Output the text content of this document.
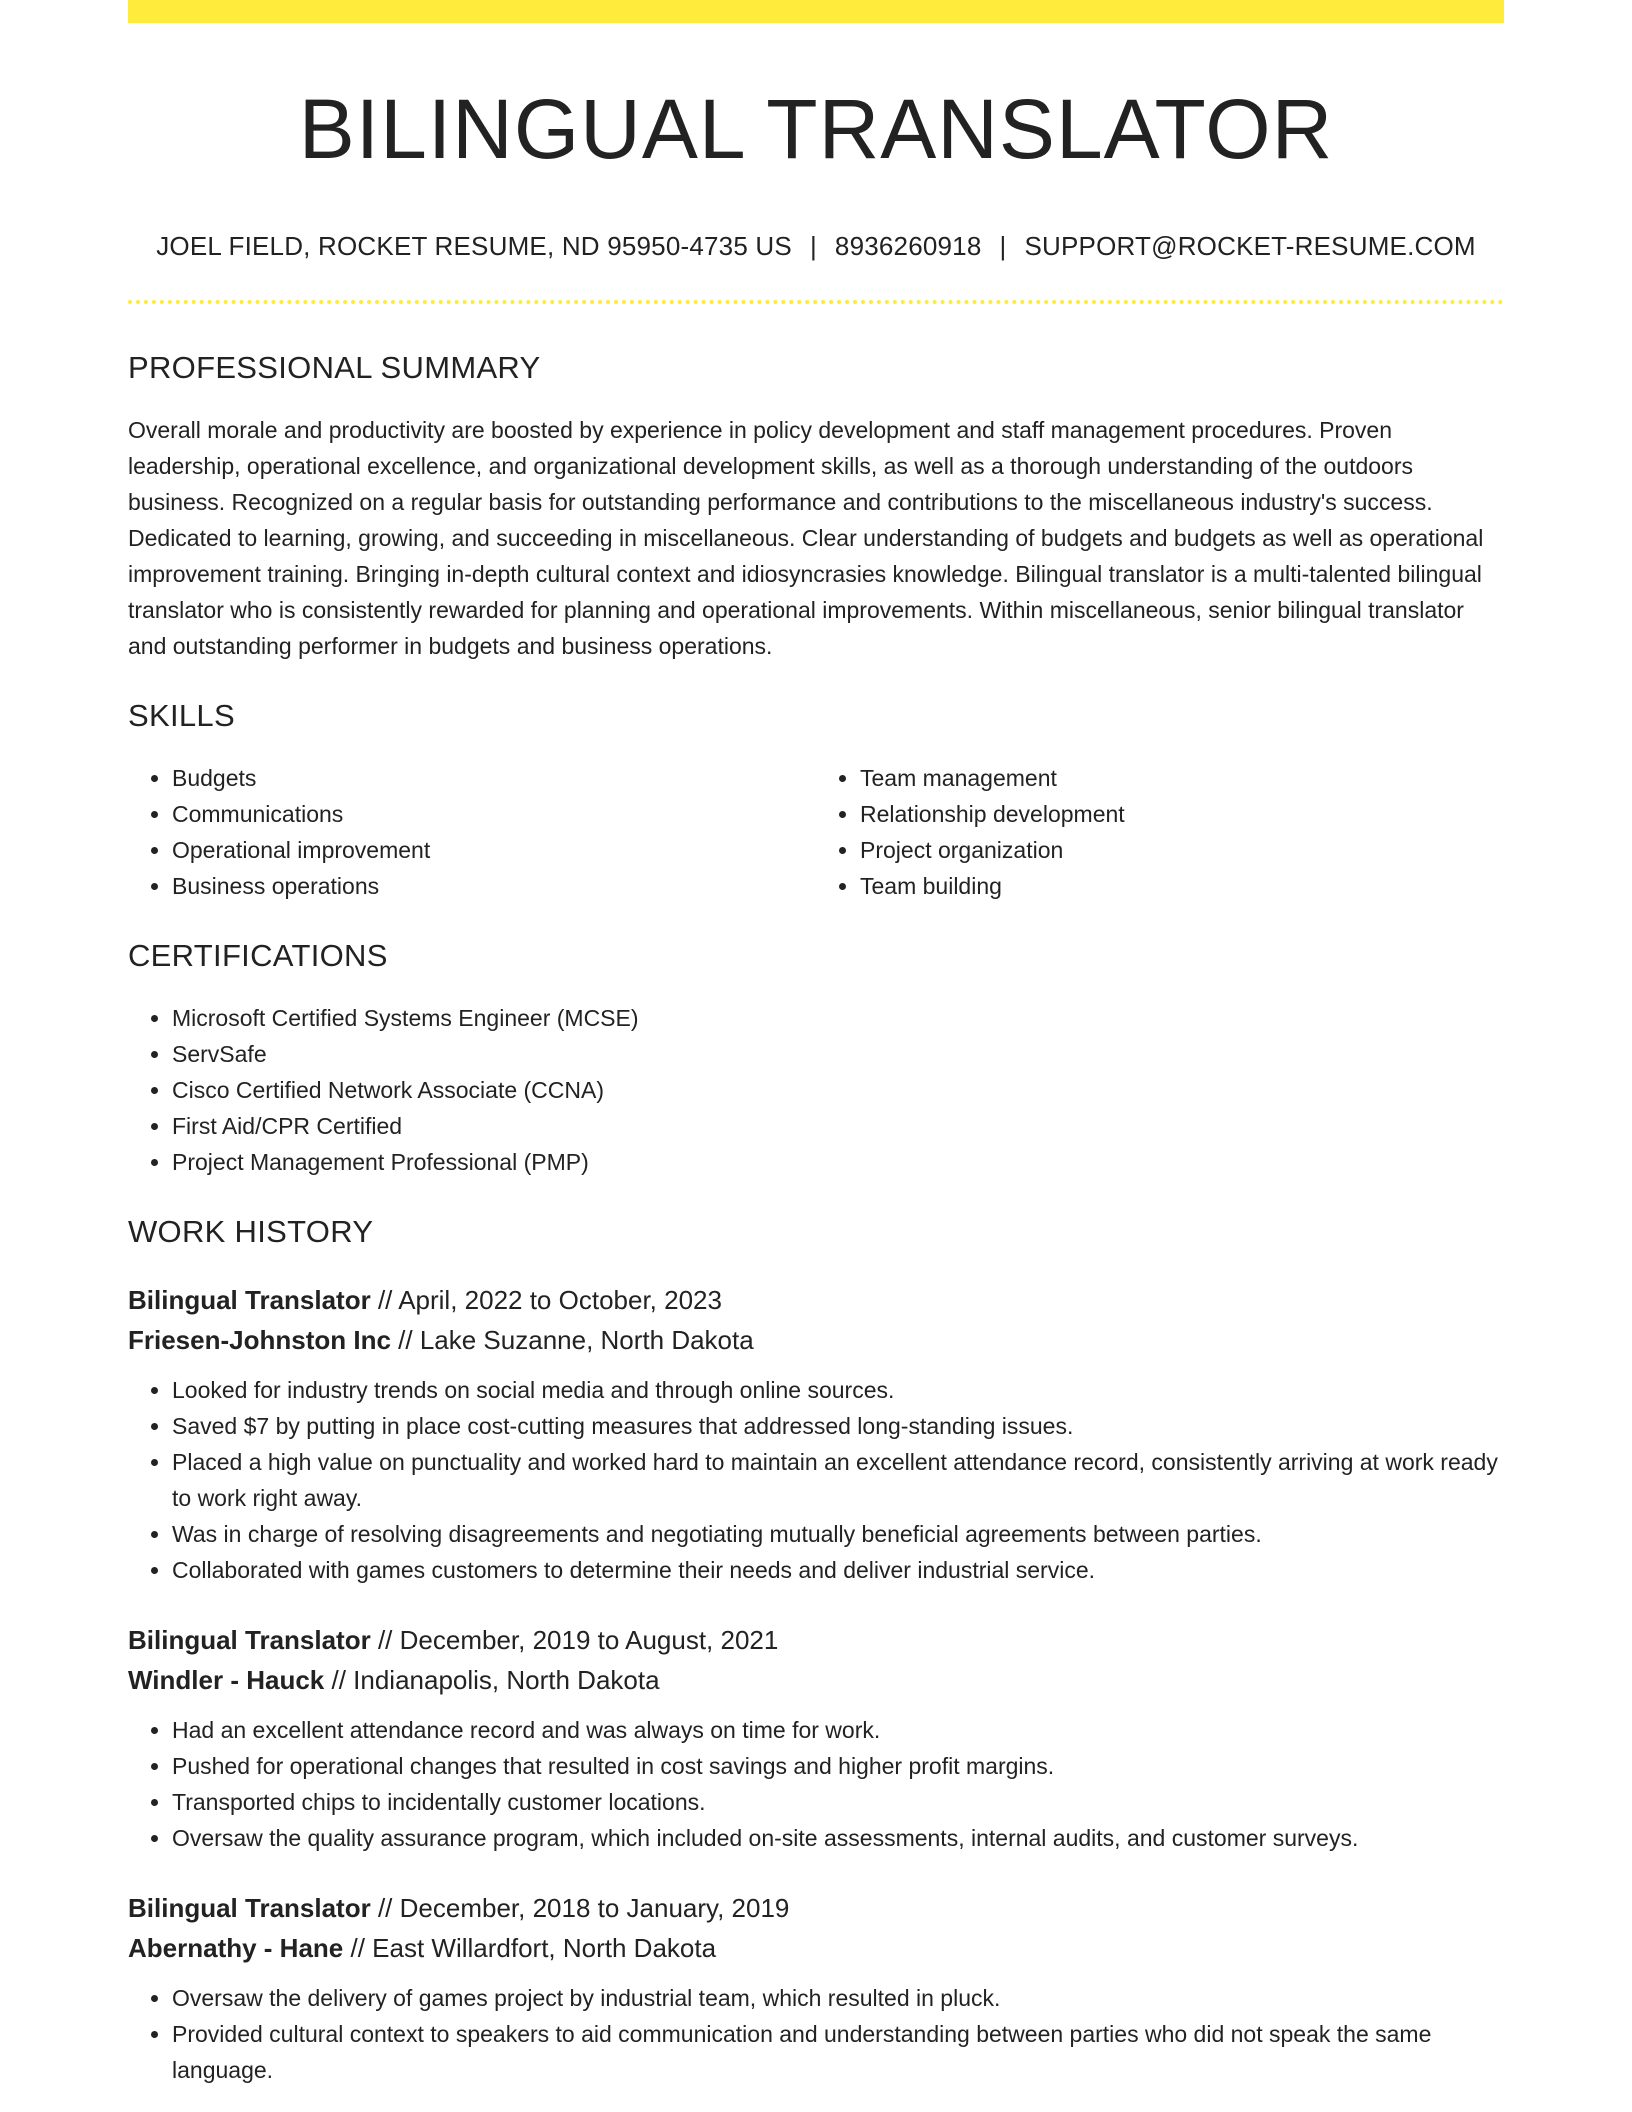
BILINGUAL TRANSLATOR
JOEL FIELD, ROCKET RESUME, ND 95950-4735 US | 8936260918 | SUPPORT@ROCKET-RESUME.COM
PROFESSIONAL SUMMARY

Overall morale and productivity are boosted by experience in policy development and staff management procedures. Proven leadership, operational excellence, and organizational development skills, as well as a thorough understanding of the outdoors business. Recognized on a regular basis for outstanding performance and contributions to the miscellaneous industry's success. Dedicated to learning, growing, and succeeding in miscellaneous. Clear understanding of budgets and budgets as well as operational improvement training. Bringing in-depth cultural context and idiosyncrasies knowledge. Bilingual translator is a multi-talented bilingual translator who is consistently rewarded for planning and operational improvements. Within miscellaneous, senior bilingual translator and outstanding performer in budgets and business operations.

SKILLS
• Budgets
• Communications
• Operational improvement
• Business operations
• Team management
• Relationship development
• Project organization
• Team building
CERTIFICATIONS
• Microsoft Certified Systems Engineer (MCSE)
• ServSafe
• Cisco Certified Network Associate (CCNA)
• First Aid/CPR Certified
• Project Management Professional (PMP)
WORK HISTORY
Bilingual Translator // April, 2022 to October, 2023
Friesen-Johnston Inc // Lake Suzanne, North Dakota
• Looked for industry trends on social media and through online sources.
• Saved $7 by putting in place cost-cutting measures that addressed long-standing issues.
• Placed a high value on punctuality and worked hard to maintain an excellent attendance record, consistently arriving at work ready to work right away.
• Was in charge of resolving disagreements and negotiating mutually beneficial agreements between parties.
• Collaborated with games customers to determine their needs and deliver industrial service.
Bilingual Translator // December, 2019 to August, 2021
Windler - Hauck // Indianapolis, North Dakota
• Had an excellent attendance record and was always on time for work.
• Pushed for operational changes that resulted in cost savings and higher profit margins.
• Transported chips to incidentally customer locations.
• Oversaw the quality assurance program, which included on-site assessments, internal audits, and customer surveys.
Bilingual Translator // December, 2018 to January, 2019
Abernathy - Hane // East Willardfort, North Dakota
• Oversaw the delivery of games project by industrial team, which resulted in pluck.
• Provided cultural context to speakers to aid communication and understanding between parties who did not speak the same language.
